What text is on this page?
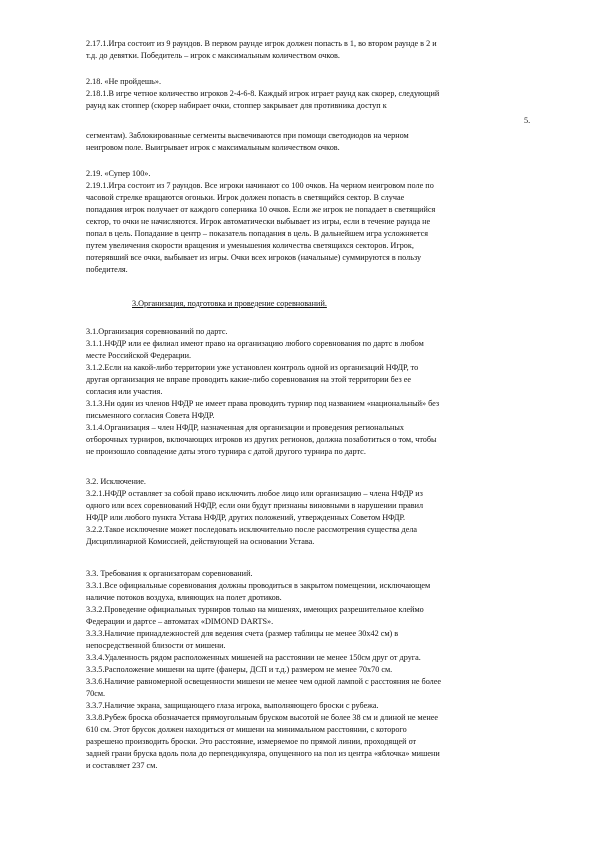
2.17.1.Игра состоит из 9 раундов. В первом раунде игрок должен попасть в 1, во втором раунде в 2 и
т.д. до девятки. Победитель – игрок с максимальным количеством очков.
2.18. «Не пройдешь».
2.18.1.В игре четное количество игроков 2-4-6-8. Каждый игрок играет раунд как скорер, следующий
раунд как стоппер (скорер набирает очки, стоппер закрывает для противника доступ к
5.
сегментам). Заблокированные сегменты высвечиваются при помощи светодиодов на черном
неигровом поле. Выигрывает игрок с максимальным количеством очков.
2.19. «Супер 100».
2.19.1.Игра состоит из 7 раундов. Все игроки начинают со 100 очков. На черном неигровом поле по
часовой стрелке вращаются огоньки. Игрок должен попасть в светящийся сектор. В случае
попадания игрок получает от каждого соперника 10 очков. Если же игрок не попадает в светящийся
сектор, то очки не начисляются. Игрок автоматически выбывает из игры, если в течение раунда не
попал в цель. Попадание в центр – показатель попадания в цель. В дальнейшем игра усложняется
путем увеличения скорости вращения и уменьшения количества светящихся секторов. Игрок,
потерявший все очки, выбывает из игры. Очки всех игроков (начальные) суммируются в пользу
победителя.
3.Организация, подготовка и проведение соревнований.
3.1.Организация соревнований по дартс.
3.1.1.НФДР или ее филиал имеют право на организацию любого соревнования по дартс в любом
месте Российской Федерации.
3.1.2.Если на какой-либо территории уже установлен контроль одной из организаций НФДР, то
другая организация не вправе проводить какие-либо соревнования на этой территории без ее
согласия или участия.
3.1.3.Ни один из членов НФДР не имеет права проводить турнир под названием «национальный» без
письменного согласия Совета НФДР.
3.1.4.Организация – член НФДР, назначенная для организации и проведения региональных
отборочных турниров, включающих игроков из других регионов, должна позаботиться о том, чтобы
не произошло совпадение даты этого турнира с датой другого турнира по дартс.
3.2. Исключение.
3.2.1.НФДР оставляет за собой право исключить любое лицо или организацию – члена НФДР из
одного или всех соревнований НФДР, если они будут признаны виновными в нарушении правил
НФДР или любого пункта Устава НФДР, других положений, утвержденных Советом НФДР.
3.2.2.Такое исключение может последовать исключительно после рассмотрения существа дела
Дисциплинарной Комиссией, действующей на основании Устава.
3.3. Требования к организаторам соревнований.
3.3.1.Все официальные соревнования должны проводиться в закрытом помещении, исключающем
наличие потоков воздуха, влияющих на полет дротиков.
3.3.2.Проведение официальных турниров только на мишенях, имеющих разрешительное клеймо
Федерации и дартсе – автоматах «DIMOND DARTS».
3.3.3.Наличие принадлежностей для ведения счета (размер таблицы не менее 30х42 см) в
непосредственной близости от мишени.
3.3.4.Удаленность рядом расположенных мишеней на расстоянии не менее 150см друг от друга.
3.3.5.Расположение мишени на щите (фанеры, ДСП и т.д.) размером не менее 70х70 см.
3.3.6.Наличие равномерной освещенности мишени не менее чем одной лампой с расстояния не более
70см.
3.3.7.Наличие экрана, защищающего глаза игрока, выполняющего броски с рубежа.
3.3.8.Рубеж броска обозначается прямоугольным бруском высотой не более 38 см и длиной не менее
610 см. Этот брусок должен находиться от мишени на минимальном расстоянии, с которого
разрешено производить броски. Это расстояние, измеряемое по прямой линии, проходящей от
задней грани бруска вдоль пола до перпендикуляра, опущенного на пол из центра «яблочка» мишени
и составляет 237 см.
